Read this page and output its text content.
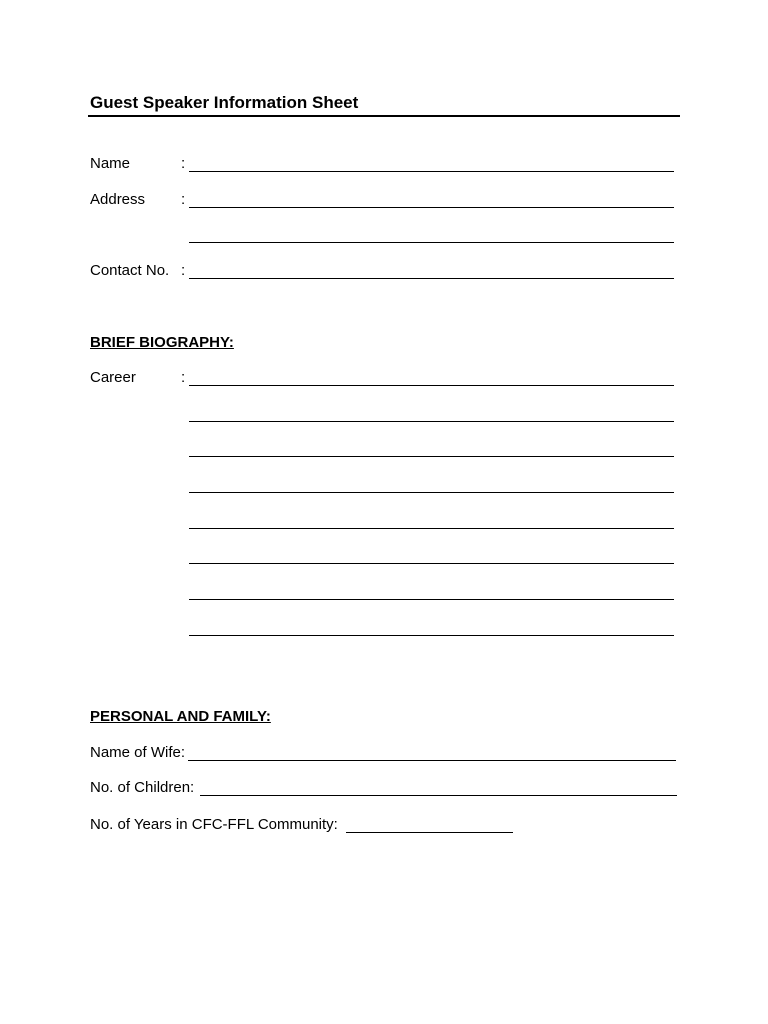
Guest Speaker Information Sheet
Name	:
Address :
Contact No. :
BRIEF BIOGRAPHY:
Career	:
PERSONAL AND FAMILY:
Name of Wife:
No. of Children:
No. of Years in CFC-FFL Community:
